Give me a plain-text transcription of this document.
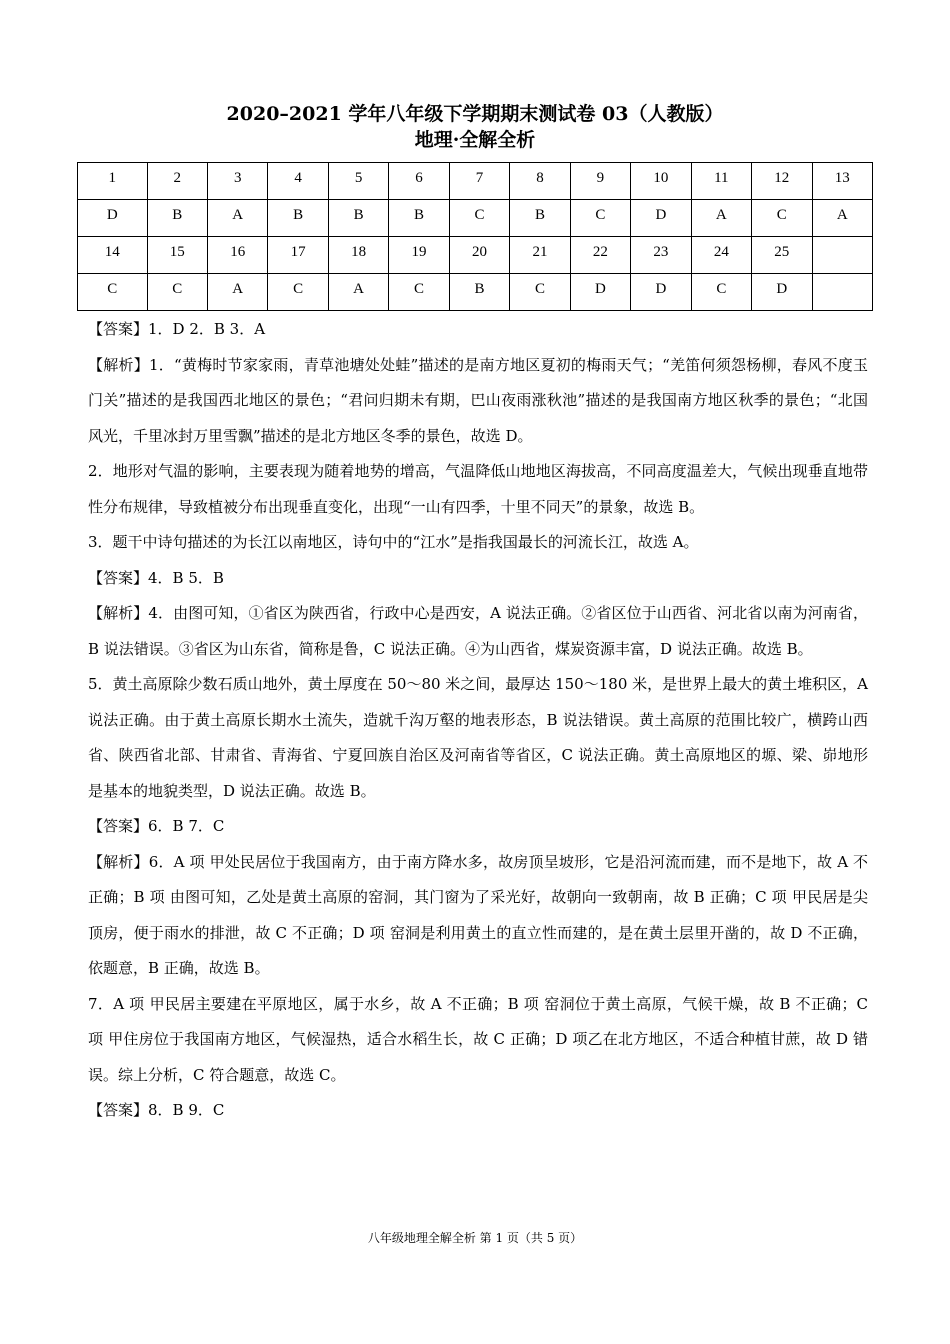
2020–2021 学年八年级下学期期末测试卷 03（人教版）
地理·全解全析
1	2	3	4	5	6	7	8	9	10	11	12	13
D	B	A	B	B	B	C	B	C	D	A	C	A
14	15	16	17	18	19	20	21	22	23	24	25	
C	C	A	C	A	C	B	C	D	D	C	D	

【答案】1．D 2．B 3．A

【解析】1．“黄梅时节家家雨，青草池塘处处蛙”描述的是南方地区夏初的梅雨天气；“羌笛何须怨杨柳，春风不度玉门关”描述的是我国西北地区的景色；“君问归期未有期，巴山夜雨涨秋池”描述的是我国南方地区秋季的景色；“北国风光，千里冰封万里雪飘”描述的是北方地区冬季的景色，故选 D。

2．地形对气温的影响，主要表现为随着地势的增高，气温降低山地地区海拔高，不同高度温差大，气候出现垂直地带性分布规律，导致植被分布出现垂直变化，出现“一山有四季，十里不同天”的景象，故选 B。

3．题干中诗句描述的为长江以南地区，诗句中的“江水”是指我国最长的河流长江，故选 A。

【答案】4．B 5．B

【解析】4．由图可知，①省区为陕西省，行政中心是西安，A 说法正确。②省区位于山西省、河北省以南为河南省，B 说法错误。③省区为山东省，简称是鲁，C 说法正确。④为山西省，煤炭资源丰富，D 说法正确。故选 B。

5．黄土高原除少数石质山地外，黄土厚度在 50～80 米之间，最厚达 150～180 米，是世界上最大的黄土堆积区，A 说法正确。由于黄土高原长期水土流失，造就千沟万壑的地表形态，B 说法错误。黄土高原的范围比较广，横跨山西省、陕西省北部、甘肃省、青海省、宁夏回族自治区及河南省等省区，C 说法正确。黄土高原地区的塬、梁、峁地形是基本的地貌类型，D 说法正确。故选 B。

【答案】6．B 7．C

【解析】6．A 项 甲处民居位于我国南方，由于南方降水多，故房顶呈坡形，它是沿河流而建，而不是地下，故 A 不正确；B 项 由图可知，乙处是黄土高原的窑洞，其门窗为了采光好，故朝向一致朝南，故 B 正确；C 项 甲民居是尖顶房，便于雨水的排泄，故 C 不正确；D 项 窑洞是利用黄土的直立性而建的，是在黄土层里开凿的，故 D 不正确，依题意，B 正确，故选 B。

7．A 项 甲民居主要建在平原地区，属于水乡，故 A 不正确；B 项 窑洞位于黄土高原，气候干燥，故 B 不正确；C 项 甲住房位于我国南方地区，气候湿热，适合水稻生长，故 C 正确；D 项乙在北方地区，不适合种植甘蔗，故 D 错误。综上分析，C 符合题意，故选 C。

【答案】8．B 9．C

八年级地理全解全析 第 1 页（共 5 页）
